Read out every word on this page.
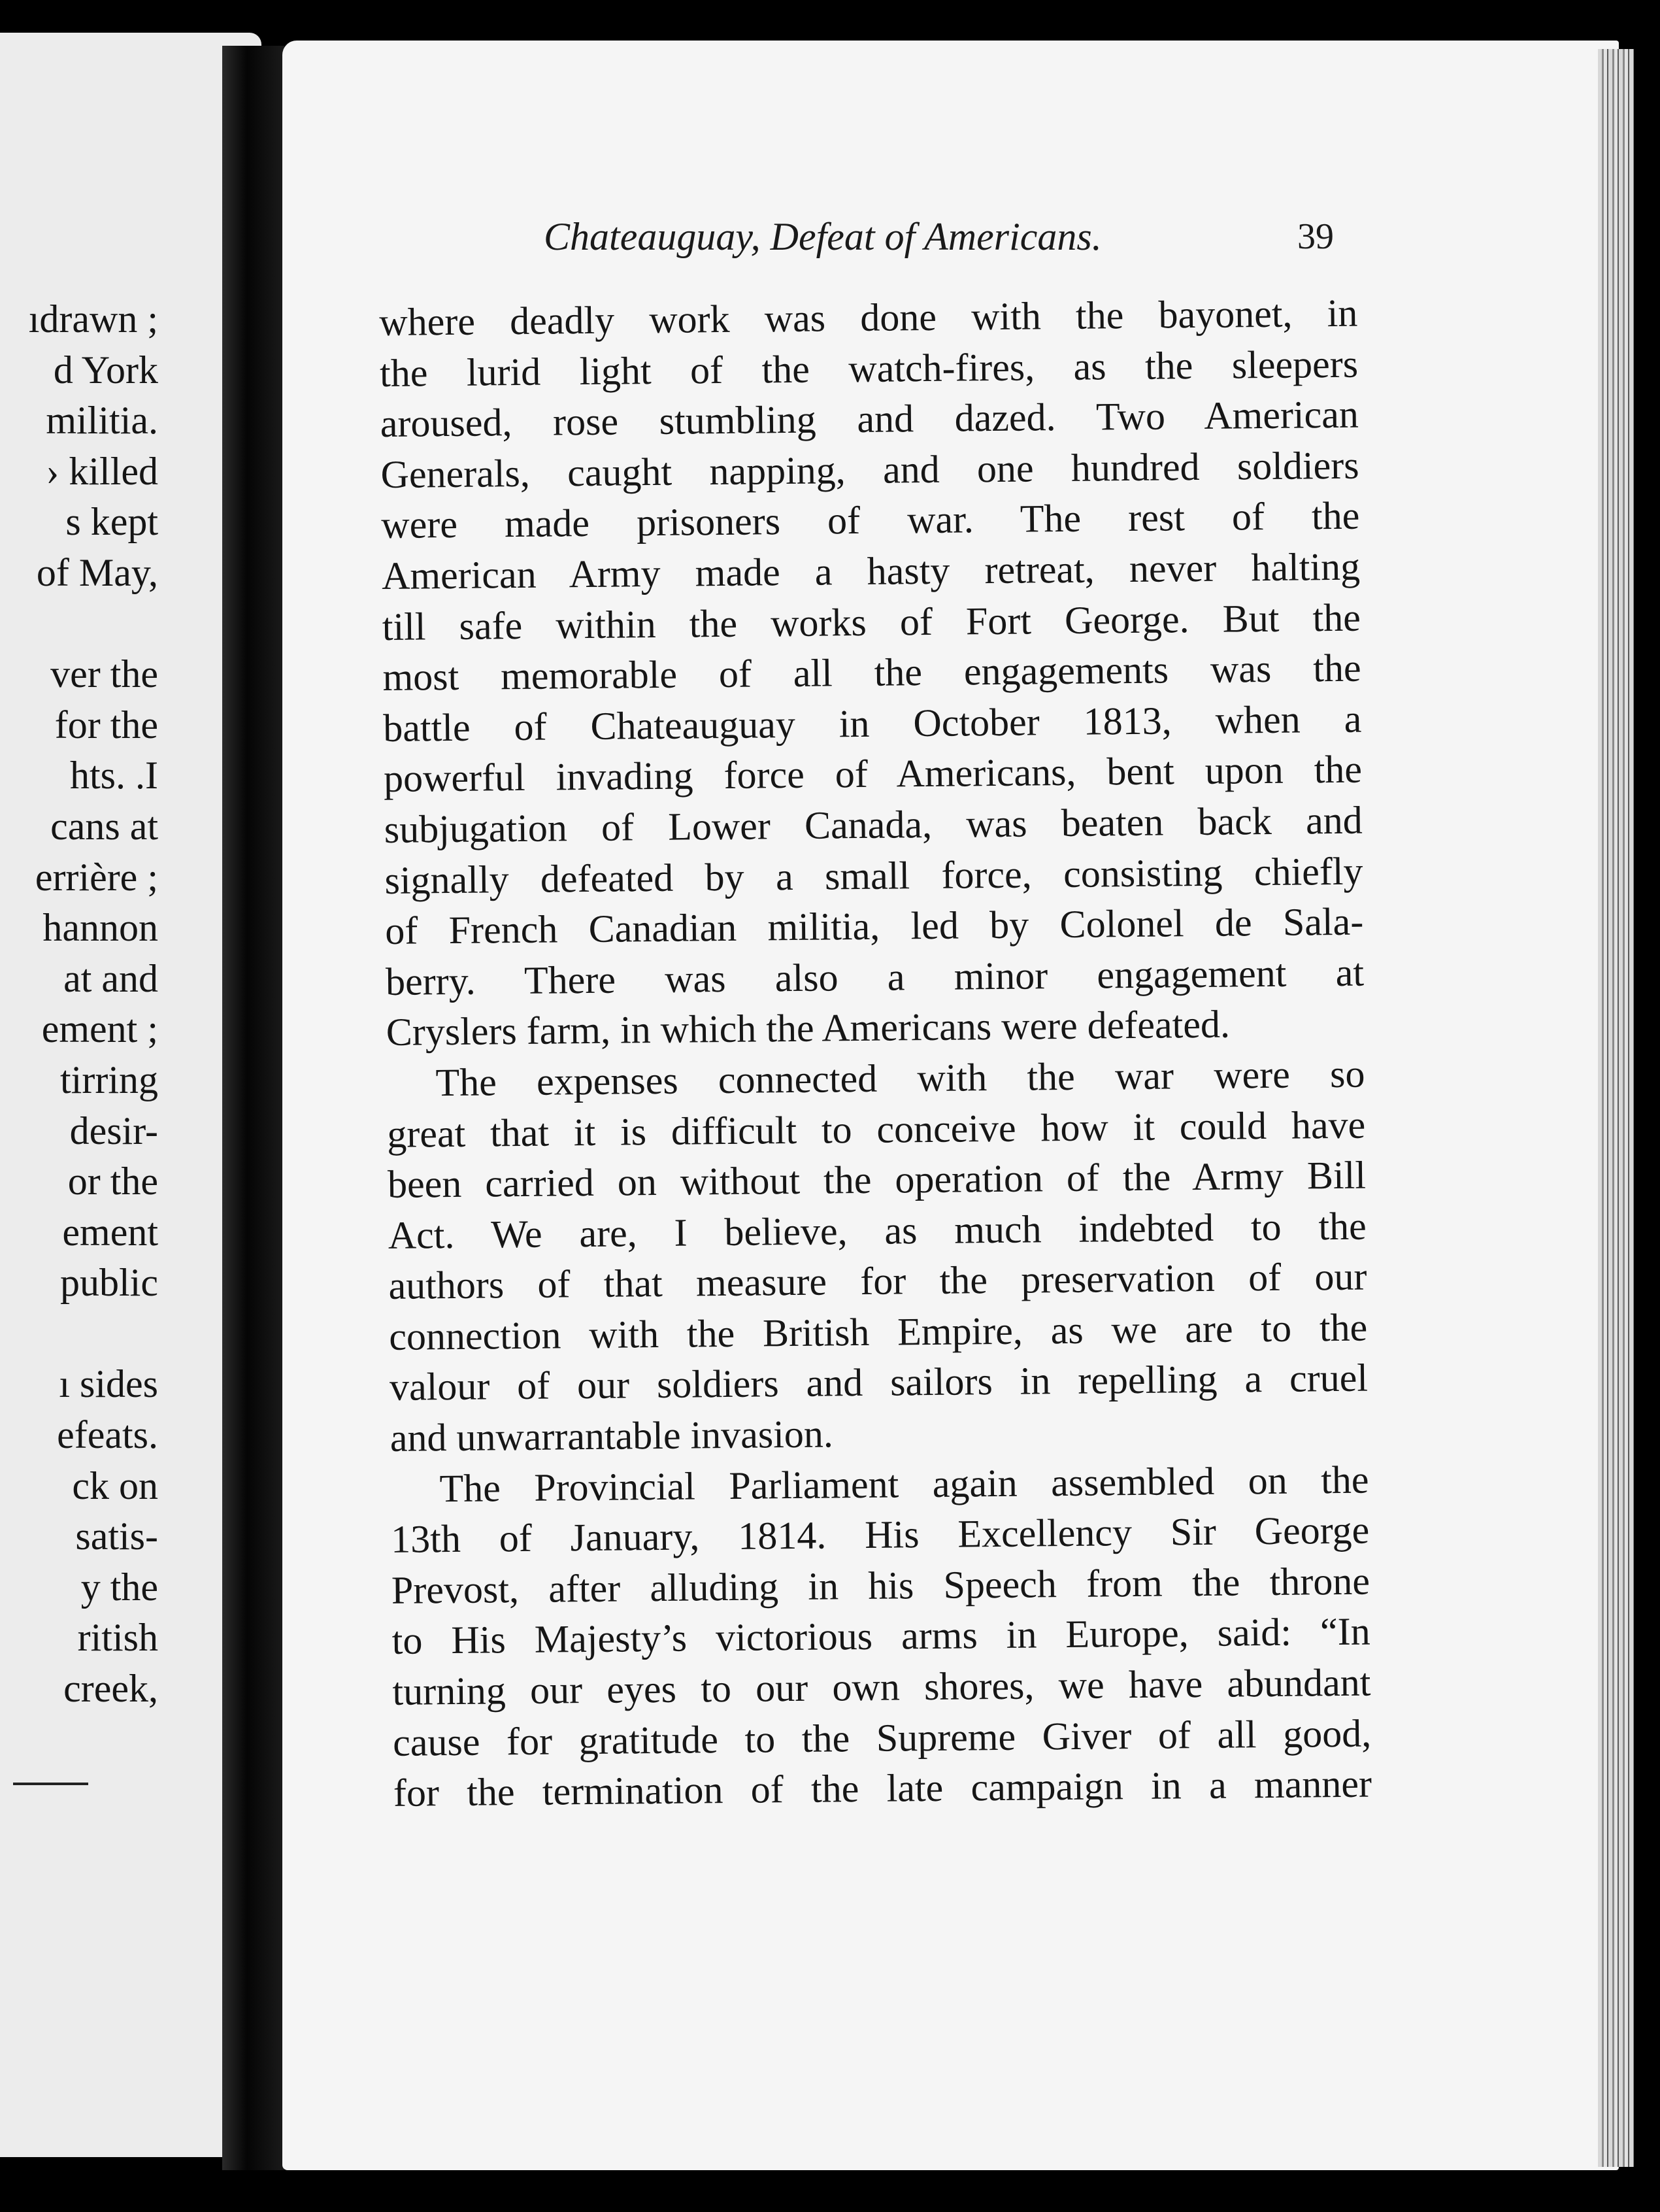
ıdrawn ;
d York
militia.
› killed
s kept
of May,
ver the
for the
hts. .I
cans at
errière ;
hannon
at and
ement ;
tirring
desir-
or the
ement
public
ı sides
efeats.
ck on
satis-
y the
ritish
creek,
Chateauguay, Defeat of Americans.	39
where deadly work was done with the bayonet, in
the lurid light of the watch-fires, as the sleepers
aroused, rose stumbling and dazed. Two American
Generals, caught napping, and one hundred soldiers
were made prisoners of war. The rest of the
American Army made a hasty retreat, never halting
till safe within the works of Fort George. But the
most memorable of all the engagements was the
battle of Chateauguay in October 1813, when a
powerful invading force of Americans, bent upon the
subjugation of Lower Canada, was beaten back and
signally defeated by a small force, consisting chiefly
of French Canadian militia, led by Colonel de Sala-
berry. There was also a minor engagement at
Cryslers farm, in which the Americans were defeated.
The expenses connected with the war were so
great that it is difficult to conceive how it could have
been carried on without the operation of the Army Bill
Act. We are, I believe, as much indebted to the
authors of that measure for the preservation of our
connection with the British Empire, as we are to the
valour of our soldiers and sailors in repelling a cruel
and unwarrantable invasion.
The Provincial Parliament again assembled on the
13th of January, 1814. His Excellency Sir George
Prevost, after alluding in his Speech from the throne
to His Majesty’s victorious arms in Europe, said: “In
turning our eyes to our own shores, we have abundant
cause for gratitude to the Supreme Giver of all good,
for the termination of the late campaign in a manner
